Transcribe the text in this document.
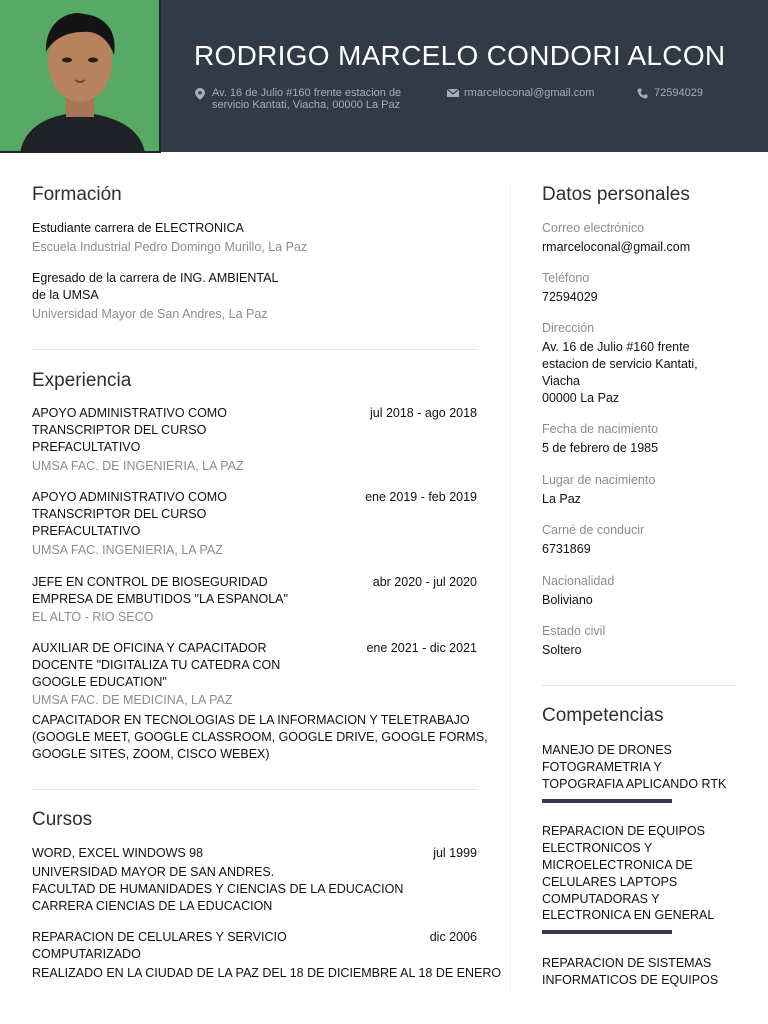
RODRIGO MARCELO CONDORI ALCON
Av. 16 de Julio #160 frente estacion de
servicio Kantati, Viacha, 00000 La Paz
rmarceloconal@gmail.com	72594029
Formación
Estudiante carrera de ELECTRONICA
Escuela Industrial Pedro Domingo Murillo, La Paz
Egresado de la carrera de ING. AMBIENTAL
de la UMSA
Universidad Mayor de San Andres, La Paz
Experiencia
APOYO ADMINISTRATIVO COMO
TRANSCRIPTOR DEL CURSO
PREFACULTATIVO
jul 2018 - ago 2018
UMSA FAC. DE INGENIERIA, LA PAZ
APOYO ADMINISTRATIVO COMO
TRANSCRIPTOR DEL CURSO
PREFACULTATIVO
ene 2019 - feb 2019
UMSA FAC. INGENIERIA, LA PAZ
JEFE EN CONTROL DE BIOSEGURIDAD
EMPRESA DE EMBUTIDOS "LA ESPANOLA"
abr 2020 - jul 2020
EL ALTO - RIO SECO
AUXILIAR DE OFICINA Y CAPACITADOR
DOCENTE "DIGITALIZA TU CATEDRA CON
GOOGLE EDUCATION"
ene 2021 - dic 2021
UMSA FAC. DE MEDICINA, LA PAZ
CAPACITADOR EN TECNOLOGIAS DE LA INFORMACION Y TELETRABAJO
(GOOGLE MEET, GOOGLE CLASSROOM, GOOGLE DRIVE, GOOGLE FORMS,
GOOGLE SITES, ZOOM, CISCO WEBEX)
Cursos
WORD, EXCEL WINDOWS 98	jul 1999
UNIVERSIDAD MAYOR DE SAN ANDRES.
FACULTAD DE HUMANIDADES Y CIENCIAS DE LA EDUCACION
CARRERA CIENCIAS DE LA EDUCACION
REPARACION DE CELULARES Y SERVICIO
COMPUTARIZADO
dic 2006
REALIZADO EN LA CIUDAD DE LA PAZ DEL 18 DE DICIEMBRE AL 18 DE ENERO
Datos personales
Correo electrónico
rmarceloconal@gmail.com
Teléfono
72594029
Dirección
Av. 16 de Julio #160 frente
estacion de servicio Kantati,
Viacha
00000 La Paz
Fecha de nacimiento
5 de febrero de 1985
Lugar de nacimiento
La Paz
Carné de conducir
6731869
Nacionalidad
Boliviano
Estado civil
Soltero
Competencias
MANEJO DE DRONES
FOTOGRAMETRIA Y
TOPOGRAFIA APLICANDO RTK
REPARACION DE EQUIPOS
ELECTRONICOS Y
MICROELECTRONICA DE
CELULARES LAPTOPS
COMPUTADORAS Y
ELECTRONICA EN GENERAL
REPARACION DE SISTEMAS
INFORMATICOS DE EQUIPOS
